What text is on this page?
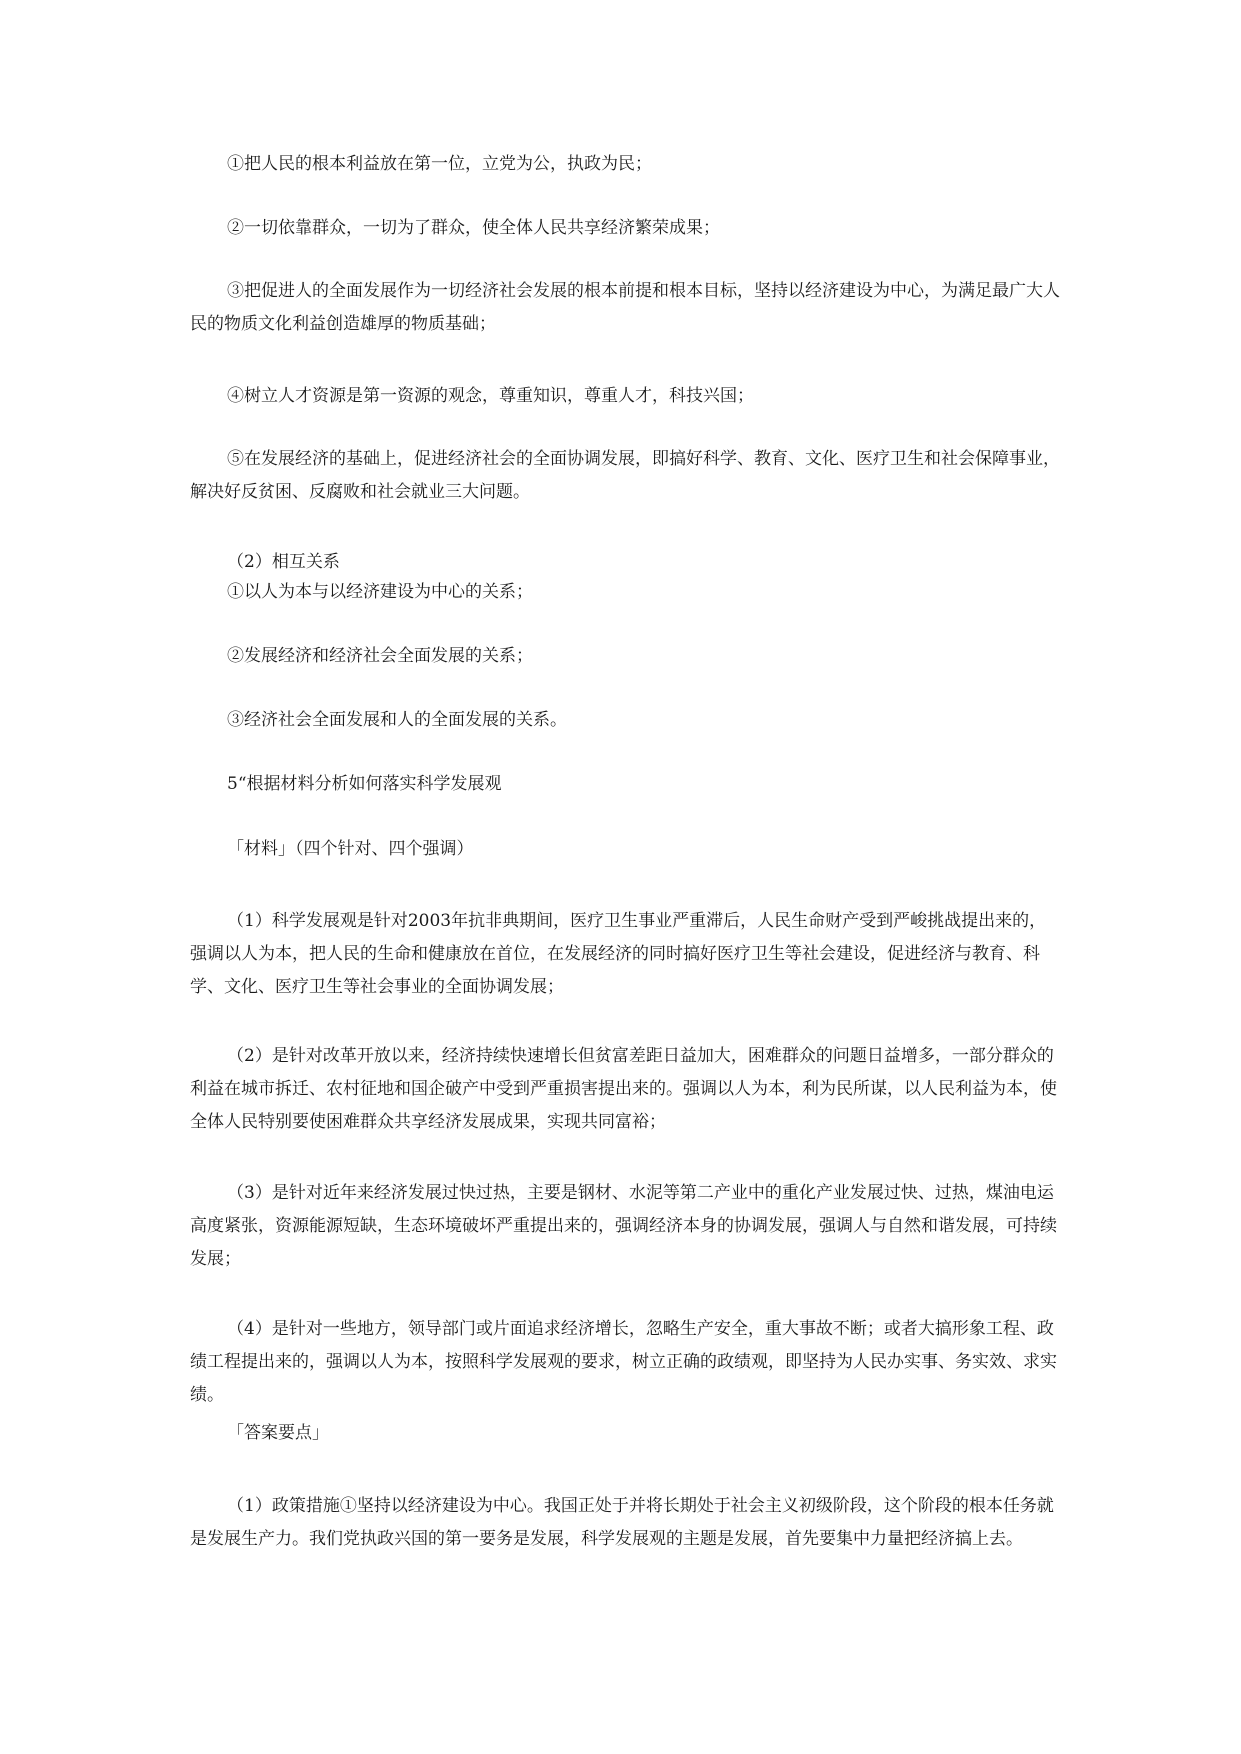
①把人民的根本利益放在第一位，立党为公，执政为民；

②一切依靠群众，一切为了群众，使全体人民共享经济繁荣成果；

③把促进人的全面发展作为一切经济社会发展的根本前提和根本目标，坚持以经济建设为中心，为满足最广大人民的物质文化利益创造雄厚的物质基础；

④树立人才资源是第一资源的观念，尊重知识，尊重人才，科技兴国；

⑤在发展经济的基础上，促进经济社会的全面协调发展，即搞好科学、教育、文化、医疗卫生和社会保障事业，解决好反贫困、反腐败和社会就业三大问题。

（2）相互关系

①以人为本与以经济建设为中心的关系；

②发展经济和经济社会全面发展的关系；

③经济社会全面发展和人的全面发展的关系。

5“根据材料分析如何落实科学发展观

「材料」（四个针对、四个强调）

（1）科学发展观是针对2003年抗非典期间，医疗卫生事业严重滞后，人民生命财产受到严峻挑战提出来的，强调以人为本，把人民的生命和健康放在首位，在发展经济的同时搞好医疗卫生等社会建设，促进经济与教育、科学、文化、医疗卫生等社会事业的全面协调发展；

（2）是针对改革开放以来，经济持续快速增长但贫富差距日益加大，困难群众的问题日益增多，一部分群众的利益在城市拆迁、农村征地和国企破产中受到严重损害提出来的。强调以人为本，利为民所谋，以人民利益为本，使全体人民特别要使困难群众共享经济发展成果，实现共同富裕；

（3）是针对近年来经济发展过快过热，主要是钢材、水泥等第二产业中的重化产业发展过快、过热，煤油电运高度紧张，资源能源短缺，生态环境破坏严重提出来的，强调经济本身的协调发展，强调人与自然和谐发展，可持续发展；

（4）是针对一些地方，领导部门或片面追求经济增长，忽略生产安全，重大事故不断；或者大搞形象工程、政绩工程提出来的，强调以人为本，按照科学发展观的要求，树立正确的政绩观，即坚持为人民办实事、务实效、求实绩。

「答案要点」

（1）政策措施①坚持以经济建设为中心。我国正处于并将长期处于社会主义初级阶段，这个阶段的根本任务就是发展生产力。我们党执政兴国的第一要务是发展，科学发展观的主题是发展，首先要集中力量把经济搞上去。
